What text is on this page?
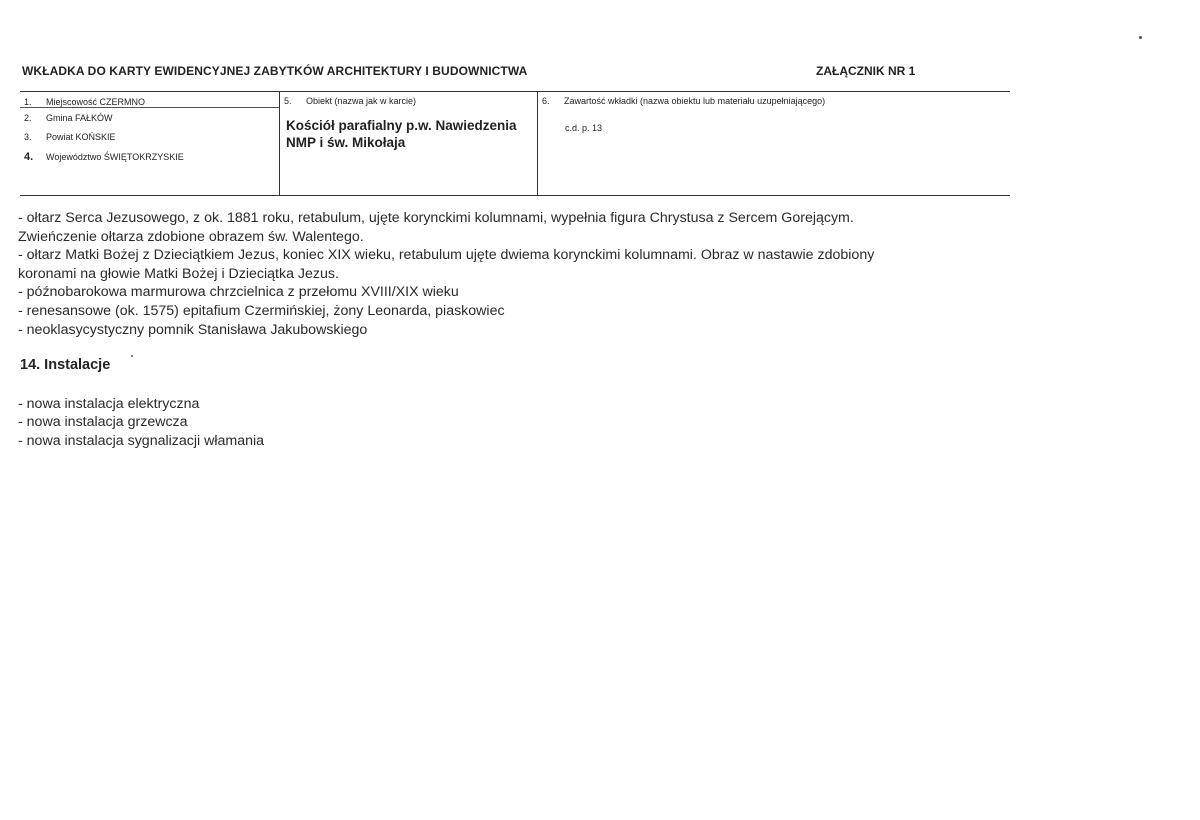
WKŁADKA DO KARTY EWIDENCYJNEJ ZABYTKÓW ARCHITEKTURY I BUDOWNICTWA	ZAŁĄCZNIK NR 1
1. Miejscowość CZERMNO
2. Gmina FAŁKÓW
3. Powiat KOŃSKIE
4. Województwo ŚWIĘTOKRZYSKIE
5. Obiekt (nazwa jak w karcie)
Kościół parafialny p.w. Nawiedzenia NMP i św. Mikołaja
6. Zawartość wkładki (nazwa obiektu lub materiału uzupełniającego)
c.d. p. 13
- ołtarz Serca Jezusowego, z ok. 1881 roku, retabulum, ujęte korynckimi kolumnami, wypełnia figura Chrystusa z Sercem Gorejącym.
Zwieńczenie ołtarza zdobione obrazem św. Walentego.
- ołtarz Matki Bożej z Dzieciątkiem Jezus, koniec XIX wieku, retabulum ujęte dwiema korynckimi kolumnami. Obraz w nastawie zdobiony
koronami na głowie Matki Bożej i Dzieciątka Jezus.
- późnobarokowa marmurowa chrzcielnica z przełomu XVIII/XIX wieku
- renesansowe (ok. 1575) epitafium Czermińskiej, żony Leonarda, piaskowiec
- neoklasycystyczny pomnik Stanisława Jakubowskiego
14. Instalacje
- nowa instalacja elektryczna
- nowa instalacja grzewcza
- nowa instalacja sygnalizacji włamania
